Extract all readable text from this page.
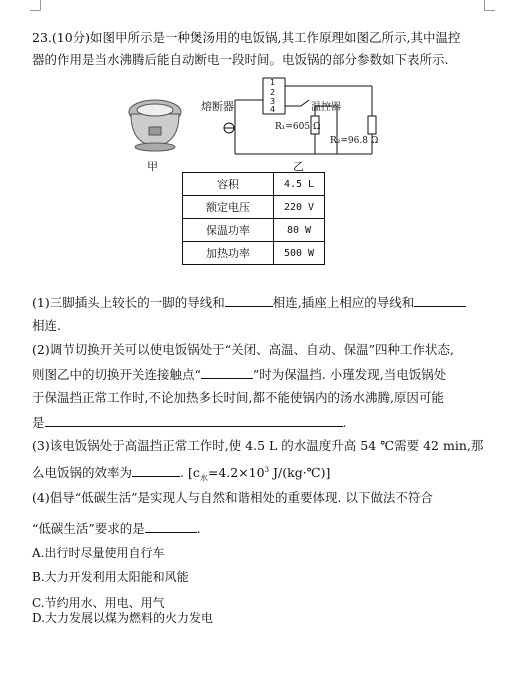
23.(10分)如图甲所示是一种煲汤用的电饭锅,其工作原理如图乙所示,其中温控
器的作用是当水沸腾后能自动断电一段时间。电饭锅的部分参数如下表所示.
1
2
3
4
熔断器	温控器
R₁=605 Ω
R₂=96.8 Ω
甲	乙
容积	4.5 L
额定电压	220 V
保温功率	80 W
加热功率	500 W
(1)三脚插头上较长的一脚的导线和	相连,插座上相应的导线和
相连.
(2)调节切换开关可以使电饭锅处于“关闭、高温、自动、保温”四种工作状态,
则图乙中的切换开关连接触点“	”时为保温挡. 小瑾发现,当电饭锅处
于保温挡正常工作时,不论加热多长时间,都不能使锅内的汤水沸腾,原因可能
是	.
(3)该电饭锅处于高温挡正常工作时,使 4.5 L 的水温度升高 54 ℃需要 42 min,那
么电饭锅的效率为	. [$c_水=4.2\times 10^3$ J/(kg·℃)]
(4)倡导“低碳生活”是实现人与自然和谐相处的重要体现. 以下做法不符合
“低碳生活”要求的是	.
A.出行时尽量使用自行车
B.大力开发利用太阳能和风能
C.节约用水、用电、用气
D.大力发展以煤为燃料的火力发电
